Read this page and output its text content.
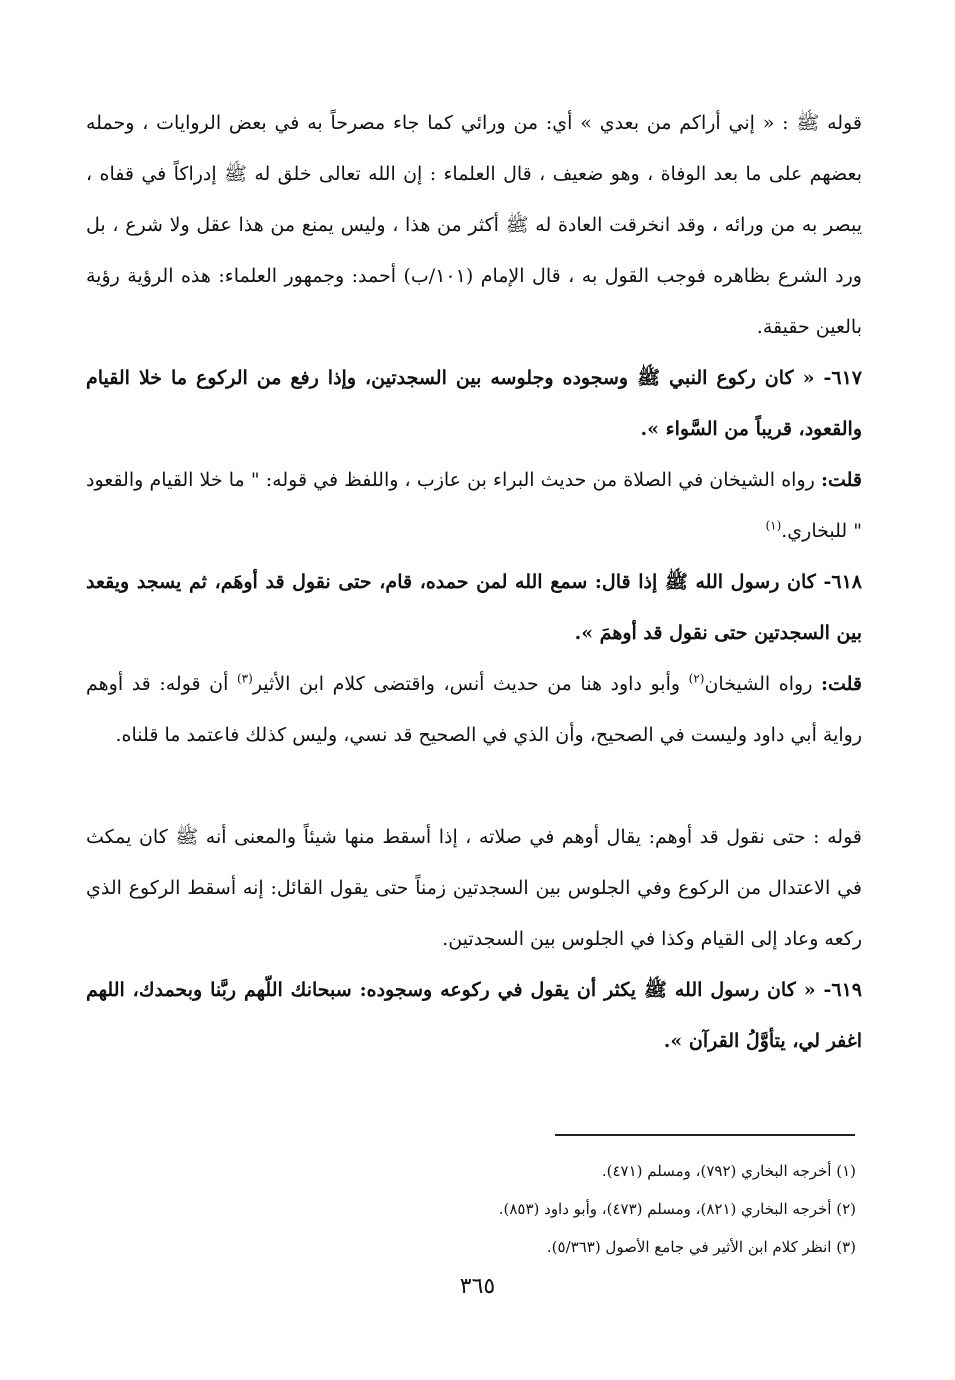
قوله ﷺ : « إني أراكم من بعدي » أي: من ورائي كما جاء مصرحاً به في بعض الروايات ، وحمله بعضهم على ما بعد الوفاة ، وهو ضعيف ، قال العلماء : إن الله تعالى خلق له ﷺ إدراكاً في قفاه ، يبصر به من ورائه ، وقد انخرقت العادة له ﷺ أكثر من هذا ، وليس يمنع من هذا عقل ولا شرع ، بل ورد الشرع بظاهره فوجب القول به ، قال الإمام (١٠١/ب) أحمد: وجمهور العلماء: هذه الرؤية رؤية بالعين حقيقة.

٦١٧- « كان ركوع النبي ﷺ وسجوده وجلوسه بين السجدتين، وإذا رفع من الركوع ما خلا القيام والقعود، قريباً من السَّواء ».

قلت: رواه الشيخان في الصلاة من حديث البراء بن عازب ، واللفظ في قوله: " ما خلا القيام والقعود " للبخاري.$^{(١)}$

٦١٨- كان رسول الله ﷺ إذا قال: سمع الله لمن حمده، قام، حتى نقول قد أوهَم، ثم يسجد ويقعد بين السجدتين حتى نقول قد أوهمَ ».

قلت: رواه الشيخان$^{(٢)}$ وأبو داود هنا من حديث أنس، واقتضى كلام ابن الأثير$^{(٣)}$ أن قوله: قد أوهم رواية أبي داود وليست في الصحيح، وأن الذي في الصحيح قد نسي، وليس كذلك فاعتمد ما قلناه.

قوله : حتى نقول قد أوهم: يقال أوهم في صلاته ، إذا أسقط منها شيئاً والمعنى أنه ﷺ كان يمكث في الاعتدال من الركوع وفي الجلوس بين السجدتين زمناً حتى يقول القائل: إنه أسقط الركوع الذي ركعه وعاد إلى القيام وكذا في الجلوس بين السجدتين.

٦١٩- « كان رسول الله ﷺ يكثر أن يقول في ركوعه وسجوده: سبحانك اللّهم ربَّنا وبحمدك، اللهم اغفر لي، يتأوَّلُ القرآن ».

(١) أخرجه البخاري (٧٩٢)، ومسلم (٤٧١).

(٢) أخرجه البخاري (٨٢١)، ومسلم (٤٧٣)، وأبو داود (٨٥٣).

(٣) انظر كلام ابن الأثير في جامع الأصول (٥/٣٦٣).

٣٦٥
